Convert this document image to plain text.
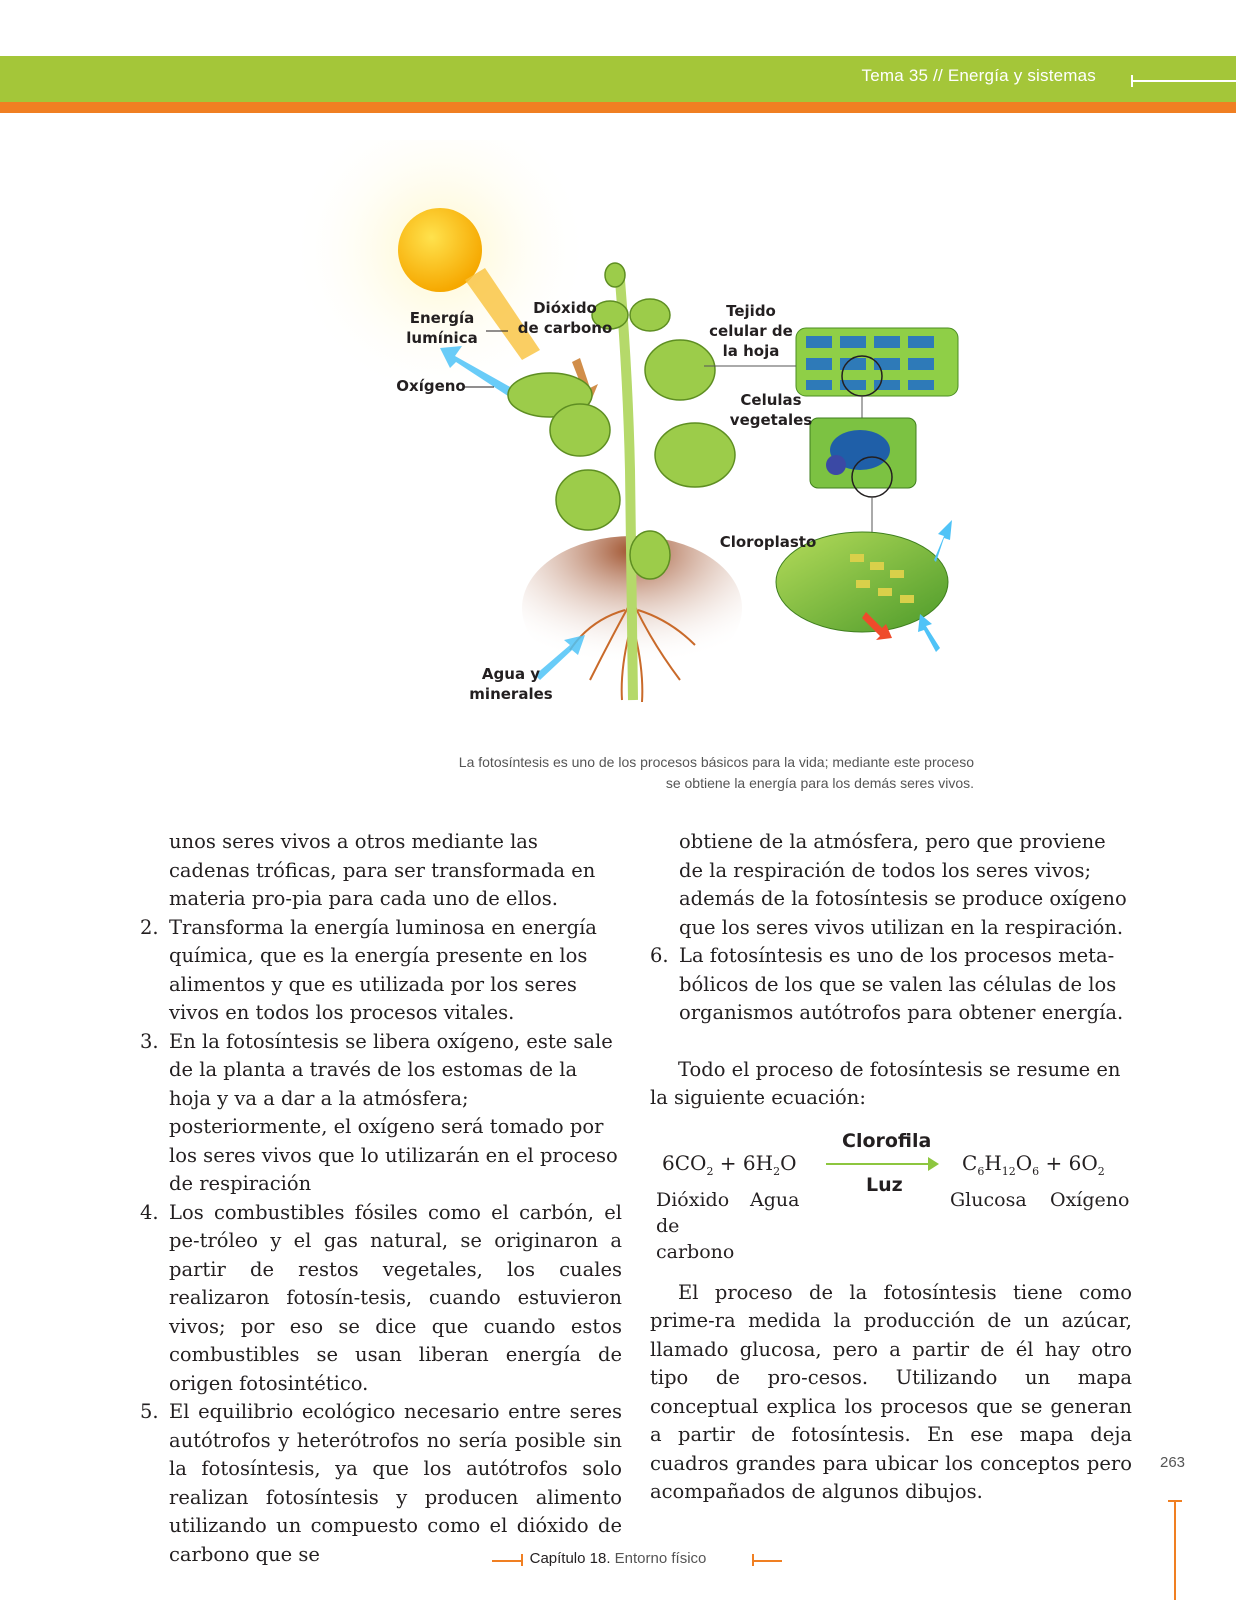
Tema 35 // Energía y sistemas
Energía
lumínica
Oxígeno
Dióxido
de carbono
Tejido
celular de
la hoja
Celulas
vegetales
Cloroplasto
Agua y
minerales
La fotosíntesis es uno de los procesos básicos para la vida; mediante este proceso
se obtiene la energía para los demás seres vivos.

unos seres vivos a otros mediante las cadenas tróficas, para ser transformada en materia pro-pia para cada uno de ellos.

2. Transforma la energía luminosa en energía química, que es la energía presente en los alimentos y que es utilizada por los seres vivos en todos los procesos vitales.
3. En la fotosíntesis se libera oxígeno, este sale de la planta a través de los estomas de la hoja y va a dar a la atmósfera; posteriormente, el oxígeno será tomado por los seres vivos que lo utilizarán en el proceso de respiración
4. Los combustibles fósiles como el carbón, el pe-tróleo y el gas natural, se originaron a partir de restos vegetales, los cuales realizaron fotosín-tesis, cuando estuvieron vivos; por eso se dice que cuando estos combustibles se usan liberan energía de origen fotosintético.
5. El equilibrio ecológico necesario entre seres autótrofos y heterótrofos no sería posible sin la fotosíntesis, ya que los autótrofos solo realizan fotosíntesis y producen alimento utilizando un compuesto como el dióxido de carbono que se

obtiene de la atmósfera, pero que proviene de la respiración de todos los seres vivos; además de la fotosíntesis se produce oxígeno que los seres vivos utilizan en la respiración.

6. La fotosíntesis es uno de los procesos meta-bólicos de los que se valen las células de los organismos autótrofos para obtener energía.

Todo el proceso de fotosíntesis se resume en la siguiente ecuación:

$6CO_2 + 6H_2O$
Clorofila
Luz
$C_6H_{12}O_6 + 6O_2$
Dióxido
de
carbono
Agua	Glucosa Oxígeno

El proceso de la fotosíntesis tiene como prime-ra medida la producción de un azúcar, llamado glucosa, pero a partir de él hay otro tipo de pro-cesos. Utilizando un mapa conceptual explica los procesos que se generan a partir de fotosíntesis. En ese mapa deja cuadros grandes para ubicar los conceptos pero acompañados de algunos dibujos.

263
Capítulo 18. Entorno físico
